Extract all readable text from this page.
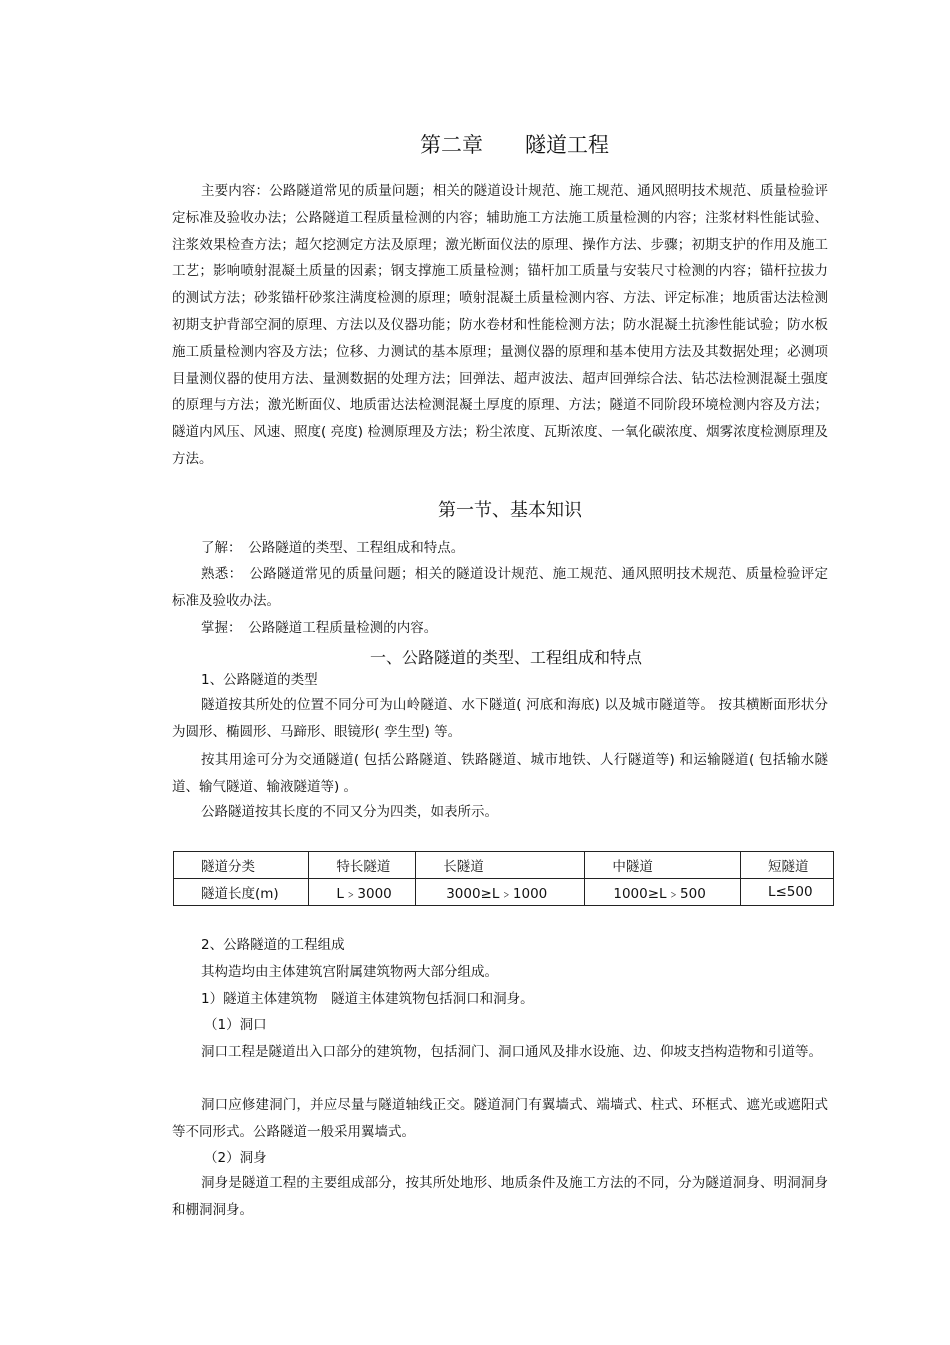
第二章　　隧道工程

主要内容：公路隧道常见的质量问题；相关的隧道设计规范、施工规范、通风照明技术规范、质量检验评定标准及验收办法；公路隧道工程质量检测的内容；辅助施工方法施工质量检测的内容；注浆材料性能试验、注浆效果检查方法；超欠挖测定方法及原理；激光断面仪法的原理、操作方法、步骤；初期支护的作用及施工工艺；影响喷射混凝土质量的因素；钢支撑施工质量检测；锚杆加工质量与安装尺寸检测的内容；锚杆拉拔力的测试方法；砂浆锚杆砂浆注满度检测的原理；喷射混凝土质量检测内容、方法、评定标准；地质雷达法检测初期支护背部空洞的原理、方法以及仪器功能；防水卷材和性能检测方法；防水混凝土抗渗性能试验；防水板施工质量检测内容及方法；位移、力测试的基本原理；量测仪器的原理和基本使用方法及其数据处理；必测项目量测仪器的使用方法、量测数据的处理方法；回弹法、超声波法、超声回弹综合法、钻芯法检测混凝土强度的原理与方法；激光断面仪、地质雷达法检测混凝土厚度的原理、方法；隧道不同阶段环境检测内容及方法；隧道内风压、风速、照度( 亮度) 检测原理及方法；粉尘浓度、瓦斯浓度、一氧化碳浓度、烟雾浓度检测原理及方法。

第一节、基本知识
了解：　公路隧道的类型、工程组成和特点。

熟悉：　公路隧道常见的质量问题；相关的隧道设计规范、施工规范、通风照明技术规范、质量检验评定标准及验收办法。

掌握：　公路隧道工程质量检测的内容。
一、公路隧道的类型、工程组成和特点
1、公路隧道的类型

隧道按其所处的位置不同分可为山岭隧道、水下隧道( 河底和海底) 以及城市隧道等。 按其横断面形状分为圆形、椭圆形、马蹄形、眼镜形( 孪生型) 等。

按其用途可分为交通隧道( 包括公路隧道、铁路隧道、城市地铁、人行隧道等) 和运输隧道( 包括输水隧道、输气隧道、输液隧道等) 。

公路隧道按其长度的不同又分为四类，如表所示。
隧道分类	特长隧道	长隧道	中隧道	短隧道
隧道长度(m)	L﹥3000	3000≥L﹥1000	1000≥L﹥500	L≤500
2、公路隧道的工程组成
其构造均由主体建筑宫附属建筑物两大部分组成。
1）隧道主体建筑物　隧道主体建筑物包括洞口和洞身。
（1）洞口

洞口工程是隧道出入口部分的建筑物，包括洞门、洞口通风及排水设施、边、仰坡支挡构造物和引道等。

洞口应修建洞门，并应尽量与隧道轴线正交。隧道洞门有翼墙式、端墙式、柱式、环框式、遮光或遮阳式等不同形式。公路隧道一般采用翼墙式。

（2）洞身

洞身是隧道工程的主要组成部分，按其所处地形、地质条件及施工方法的不同，分为隧道洞身、明洞洞身和棚洞洞身。
